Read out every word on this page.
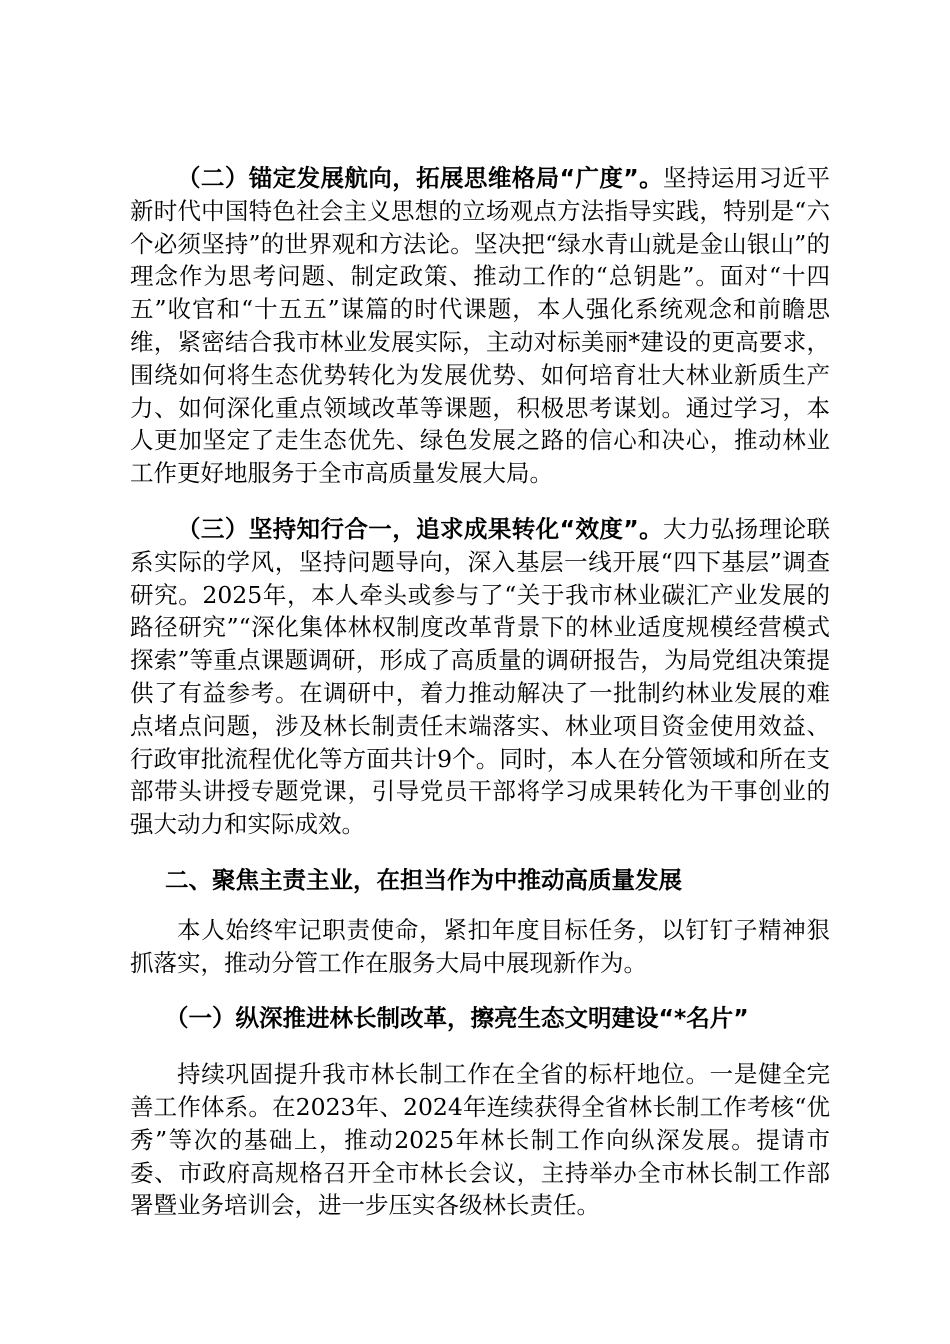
（二）锚定发展航向，拓展思维格局“广度”。坚持运用习近平新时代中国特色社会主义思想的立场观点方法指导实践，特别是“六个必须坚持”的世界观和方法论。坚决把“绿水青山就是金山银山”的理念作为思考问题、制定政策、推动工作的“总钥匙”。面对“十四五”收官和“十五五”谋篇的时代课题，本人强化系统观念和前瞻思维，紧密结合我市林业发展实际，主动对标美丽*建设的更高要求，围绕如何将生态优势转化为发展优势、如何培育壮大林业新质生产力、如何深化重点领域改革等课题，积极思考谋划。通过学习，本人更加坚定了走生态优先、绿色发展之路的信心和决心，推动林业工作更好地服务于全市高质量发展大局。

（三）坚持知行合一，追求成果转化“效度”。大力弘扬理论联系实际的学风，坚持问题导向，深入基层一线开展“四下基层”调查研究。2025年，本人牵头或参与了“关于我市林业碳汇产业发展的路径研究”“深化集体林权制度改革背景下的林业适度规模经营模式探索”等重点课题调研，形成了高质量的调研报告，为局党组决策提供了有益参考。在调研中，着力推动解决了一批制约林业发展的难点堵点问题，涉及林长制责任末端落实、林业项目资金使用效益、行政审批流程优化等方面共计9个。同时，本人在分管领域和所在支部带头讲授专题党课，引导党员干部将学习成果转化为干事创业的强大动力和实际成效。

二、聚焦主责主业，在担当作为中推动高质量发展

本人始终牢记职责使命，紧扣年度目标任务，以钉钉子精神狠抓落实，推动分管工作在服务大局中展现新作为。

（一）纵深推进林长制改革，擦亮生态文明建设“*名片”

持续巩固提升我市林长制工作在全省的标杆地位。一是健全完善工作体系。在2023年、2024年连续获得全省林长制工作考核“优秀”等次的基础上，推动2025年林长制工作向纵深发展。提请市委、市政府高规格召开全市林长会议，主持举办全市林长制工作部署暨业务培训会，进一步压实各级林长责任。
